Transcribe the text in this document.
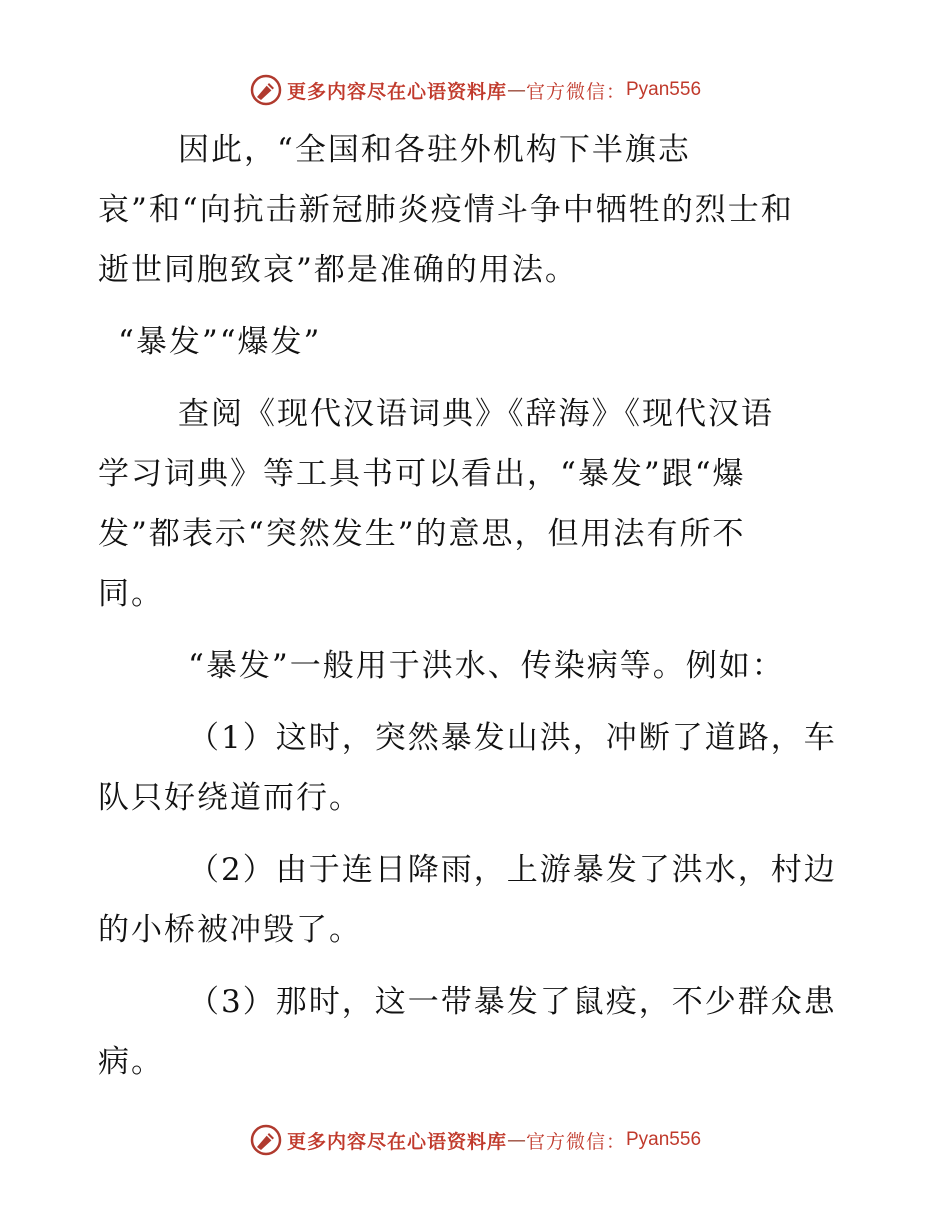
更多内容尽在心语资料库 — 官方微信： Pyan556

因此，“全国和各驻外机构下半旗志
哀”和“向抗击新冠肺炎疫情斗争中牺牲的烈士和
逝世同胞致哀”都是准确的用法。

“暴发”“爆发”

查阅《现代汉语词典》《辞海》《现代汉语
学习词典》等工具书可以看出，“暴发”跟“爆
发”都表示“突然发生”的意思，但用法有所不
同。

“暴发”一般用于洪水、传染病等。例如：

（1）这时，突然暴发山洪，冲断了道路，车
队只好绕道而行。

（2）由于连日降雨，上游暴发了洪水，村边
的小桥被冲毁了。

（3）那时，这一带暴发了鼠疫，不少群众患
病。

更多内容尽在心语资料库 — 官方微信： Pyan556
